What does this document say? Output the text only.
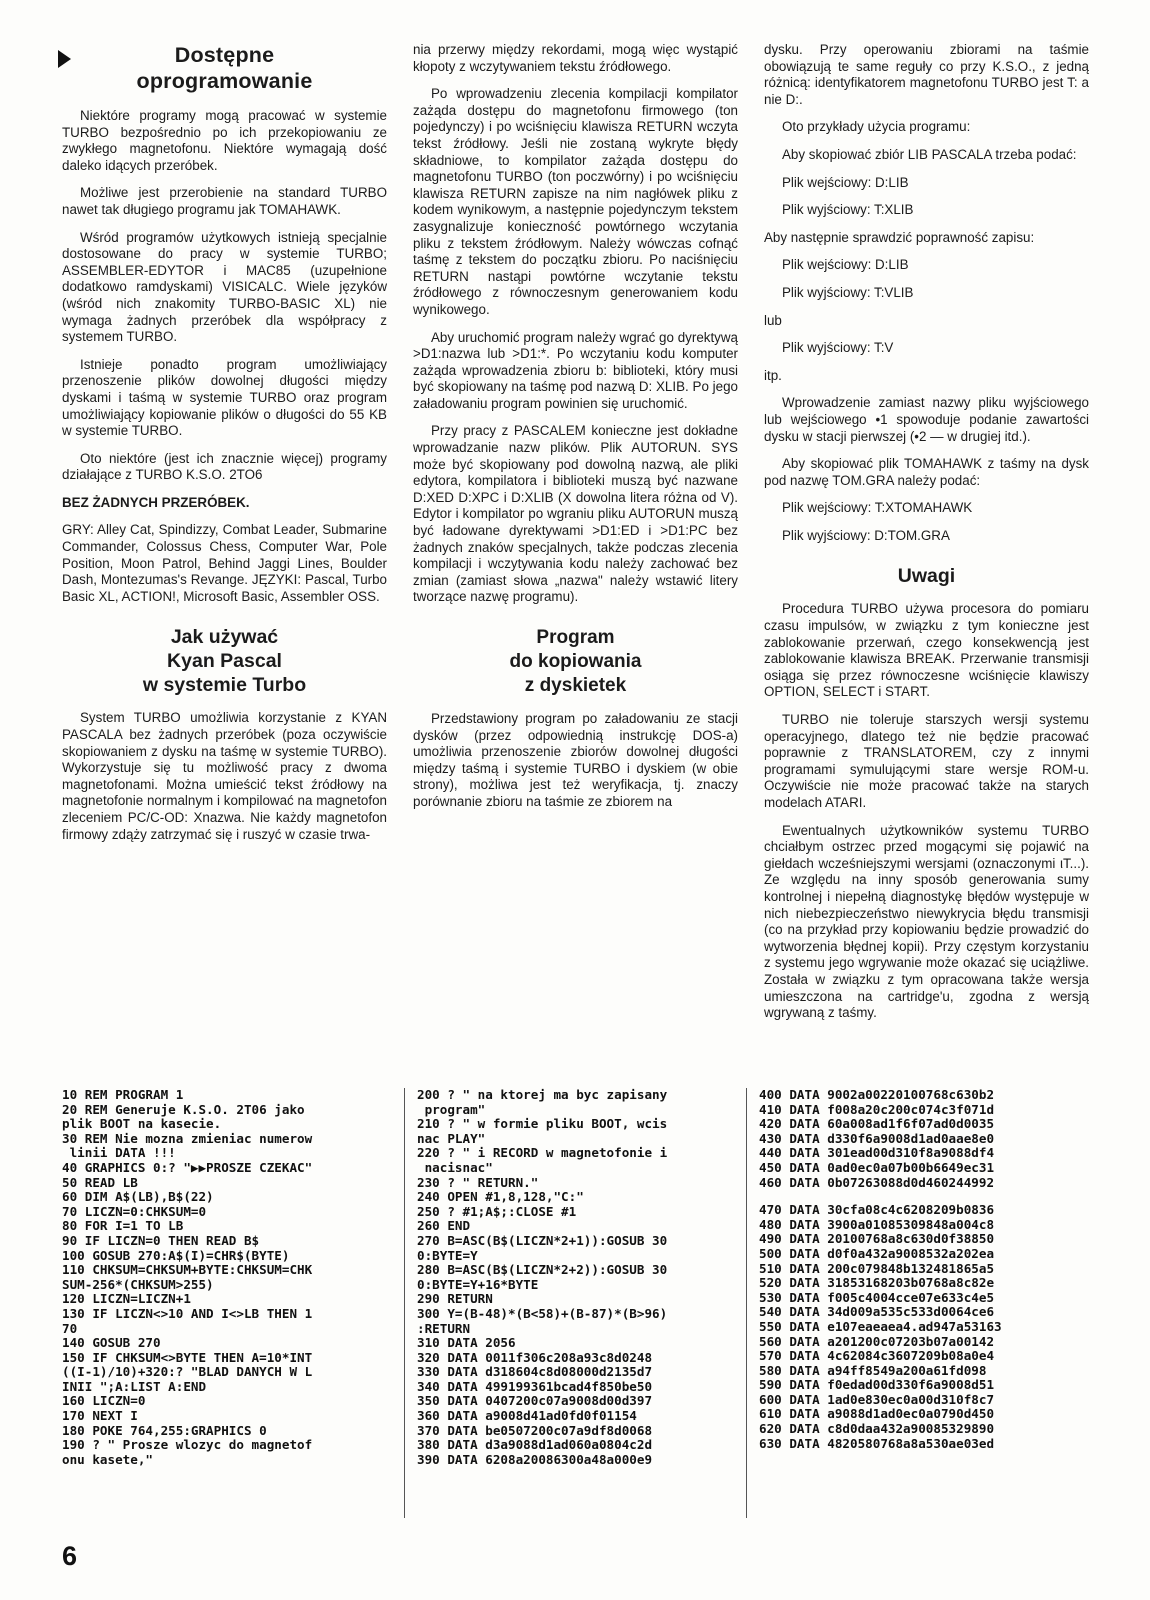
Dostępne
oprogramowanie

Niektóre programy mogą pracować w systemie TURBO bezpośrednio po ich przekopiowaniu ze zwykłego magnetofonu. Niektóre wymagają dość daleko idących przeróbek.

Możliwe jest przerobienie na standard TURBO nawet tak długiego programu jak TOMAHAWK.

Wśród programów użytkowych istnieją specjalnie dostosowane do pracy w systemie TURBO; ASSEMBLER-EDYTOR i MAC85 (uzupełnione dodatkowo ramdyskami) VISICALC. Wiele języków (wśród nich znakomity TURBO-BASIC XL) nie wymaga żadnych przeróbek dla współpracy z systemem TURBO.

Istnieje ponadto program umożliwiający przenoszenie plików dowolnej długości między dyskami i taśmą w systemie TURBO oraz program umożliwiający kopiowanie plików o długości do 55 KB w systemie TURBO.

Oto niektóre (jest ich znacznie więcej) programy działające z TURBO K.S.O. 2TO6

BEZ ŻADNYCH PRZERÓBEK.

GRY: Alley Cat, Spindizzy, Combat Leader, Submarine Commander, Colossus Chess, Computer War, Pole Position, Moon Patrol, Behind Jaggi Lines, Boulder Dash, Montezumas's Revange. JĘZYKI: Pascal, Turbo Basic XL, ACTION!, Microsoft Basic, Assembler OSS.

Jak używać
Kyan Pascal
w systemie Turbo

System TURBO umożliwia korzystanie z KYAN PASCALA bez żadnych przeróbek (poza oczywiście skopiowaniem z dysku na taśmę w systemie TURBO). Wykorzystuje się tu możliwość pracy z dwoma magnetofonami. Można umieścić tekst źródłowy na magnetofonie normalnym i kompilować na magnetofon zleceniem PC/C-OD: Xnazwa. Nie każdy magnetofon firmowy zdąży zatrzymać się i ruszyć w czasie trwa-

nia przerwy między rekordami, mogą więc wystąpić kłopoty z wczytywaniem tekstu źródłowego.

Po wprowadzeniu zlecenia kompilacji kompilator zażąda dostępu do magnetofonu firmowego (ton pojedynczy) i po wciśnięciu klawisza RETURN wczyta tekst źródłowy. Jeśli nie zostaną wykryte błędy składniowe, to kompilator zażąda dostępu do magnetofonu TURBO (ton poczwórny) i po wciśnięciu klawisza RETURN zapisze na nim nagłówek pliku z kodem wynikowym, a następnie pojedynczym tekstem zasygnalizuje konieczność powtórnego wczytania pliku z tekstem źródłowym. Należy wówczas cofnąć taśmę z tekstem do początku zbioru. Po naciśnięciu RETURN nastąpi powtórne wczytanie tekstu źródłowego z równoczesnym generowaniem kodu wynikowego.

Aby uruchomić program należy wgrać go dyrektywą >D1:nazwa lub >D1:*. Po wczytaniu kodu komputer zażąda wprowadzenia zbioru b: biblioteki, który musi być skopiowany na taśmę pod nazwą D: XLIB. Po jego załadowaniu program powinien się uruchomić.

Przy pracy z PASCALEM konieczne jest dokładne wprowadzanie nazw plików. Plik AUTORUN. SYS może być skopiowany pod dowolną nazwą, ale pliki edytora, kompilatora i biblioteki muszą być nazwane D:XED D:XPC i D:XLIB (X dowolna litera różna od V). Edytor i kompilator po wgraniu pliku AUTORUN muszą być ładowane dyrektywami >D1:ED i >D1:PC bez żadnych znaków specjalnych, także podczas zlecenia kompilacji i wczytywania kodu należy zachować bez zmian (zamiast słowa „nazwa" należy wstawić litery tworzące nazwę programu).

Program
do kopiowania
z dyskietek

Przedstawiony program po załadowaniu ze stacji dysków (przez odpowiednią instrukcję DOS-a) umożliwia przenoszenie zbiorów dowolnej długości między taśmą i systemie TURBO i dyskiem (w obie strony), możliwa jest też weryfikacja, tj. znaczy porównanie zbioru na taśmie ze zbiorem na

dysku. Przy operowaniu zbiorami na taśmie obowiązują te same reguły co przy K.S.O., z jedną różnicą: identyfikatorem magnetofonu TURBO jest T: a nie D:.

Oto przykłady użycia programu:

Aby skopiować zbiór LIB PASCALA trzeba podać:

Plik wejściowy: D:LIB

Plik wyjściowy: T:XLIB

Aby następnie sprawdzić poprawność zapisu:

Plik wejściowy: D:LIB

Plik wyjściowy: T:VLIB

lub

Plik wyjściowy: T:V

itp.

Wprowadzenie zamiast nazwy pliku wyjściowego lub wejściowego •1 spowoduje podanie zawartości dysku w stacji pierwszej (•2 — w drugiej itd.).

Aby skopiować plik TOMAHAWK z taśmy na dysk pod nazwę TOM.GRA należy podać:

Plik wejściowy: T:XTOMAHAWK

Plik wyjściowy: D:TOM.GRA

Uwagi

Procedura TURBO używa procesora do pomiaru czasu impulsów, w związku z tym konieczne jest zablokowanie przerwań, czego konsekwencją jest zablokowanie klawisza BREAK. Przerwanie transmisji osiąga się przez równoczesne wciśnięcie klawiszy OPTION, SELECT i START.

TURBO nie toleruje starszych wersji systemu operacyjnego, dlatego też nie będzie pracować poprawnie z TRANSLATOREM, czy z innymi programami symulującymi stare wersje ROM-u. Oczywiście nie może pracować także na starych modelach ATARI.

Ewentualnych użytkowników systemu TURBO chciałbym ostrzec przed mogącymi się pojawić na giełdach wcześniejszymi wersjami (oznaczonymi ιT...). Ze względu na inny sposób generowania sumy kontrolnej i niepełną diagnostykę błędów występuje w nich niebezpieczeństwo niewykrycia błędu transmisji (co na przykład przy kopiowaniu będzie prowadzić do wytworzenia błędnej kopii). Przy częstym korzystaniu z systemu jego wgrywanie może okazać się uciążliwe. Została w związku z tym opracowana także wersja umieszczona na cartridge'u, zgodna z wersją wgrywaną z taśmy.

10 REM PROGRAM 1
20 REM Generuje K.S.O. 2T06 jako
plik BOOT na kasecie.
30 REM Nie mozna zmieniac numerow
linii DATA !!!
40 GRAPHICS 0:? "▶▶PROSZE CZEKAC"
50 READ LB
60 DIM A$(LB),B$(22)
70 LICZN=0:CHKSUM=0
80 FOR I=1 TO LB
90 IF LICZN=0 THEN READ B$
100 GOSUB 270:A$(I)=CHR$(BYTE)
110 CHKSUM=CHKSUM+BYTE:CHKSUM=CHK
SUM-256*(CHKSUM>255)
120 LICZN=LICZN+1
130 IF LICZN<>10 AND I<>LB THEN 1
70
140 GOSUB 270
150 IF CHKSUM<>BYTE THEN A=10*INT
((I-1)/10)+320:? "BLAD DANYCH W L
INII ";A:LIST A:END
160 LICZN=0
170 NEXT I
180 POKE 764,255:GRAPHICS 0
190 ? " Prosze wlozyc do magnetof
onu kasete,"
200 ? " na ktorej ma byc zapisany
program"
210 ? " w formie pliku BOOT, wcis
nac PLAY"
220 ? " i RECORD w magnetofonie i
nacisnac"
230 ? " RETURN."
240 OPEN #1,8,128,"C:"
250 ? #1;A$;:CLOSE #1
260 END
270 B=ASC(B$(LICZN*2+1)):GOSUB 30
0:BYTE=Y
280 B=ASC(B$(LICZN*2+2)):GOSUB 30
0:BYTE=Y+16*BYTE
290 RETURN
300 Y=(B-48)*(B<58)+(B-87)*(B>96)
:RETURN
310 DATA 2056
320 DATA 0011f306c208a93c8d0248
330 DATA d318604c8d08000d2135d7
340 DATA 499199361bcad4f850be50
350 DATA 0407200c07a9008d00d397
360 DATA a9008d41ad0fd0f01154
370 DATA be0507200c07a9df8d0068
380 DATA d3a9088d1ad060a0804c2d
390 DATA 6208a20086300a48a000e9
400 DATA 9002a00220100768c630b2
410 DATA f008a20c200c074c3f071d
420 DATA 60a008ad1f6f07ad0d0035
430 DATA d330f6a9008d1ad0aae8e0
440 DATA 301ead00d310f8a9088df4
450 DATA 0ad0ec0a07b00b6649ec31
460 DATA 0b07263088d0d460244992
470 DATA 30cfa08c4c6208209b0836
480 DATA 3900a01085309848a004c8
490 DATA 20100768a8c630d0f38850
500 DATA d0f0a432a9008532a202ea
510 DATA 200c079848b132481865a5
520 DATA 31853168203b0768a8c82e
530 DATA f005c4004cce07e633c4e5
540 DATA 34d009a535c533d0064ce6
550 DATA e107eaeaea4.ad947a53163
560 DATA a201200c07203b07a00142
570 DATA 4c62084c3607209b08a0e4
580 DATA a94ff8549a200a61fd098
590 DATA f0edad00d330f6a9008d51
600 DATA 1ad0e830ec0a00d310f8c7
610 DATA a9088d1ad0ec0a0790d450
620 DATA c8d0daa432a90085329890
630 DATA 4820580768a8a530ae03ed
6
